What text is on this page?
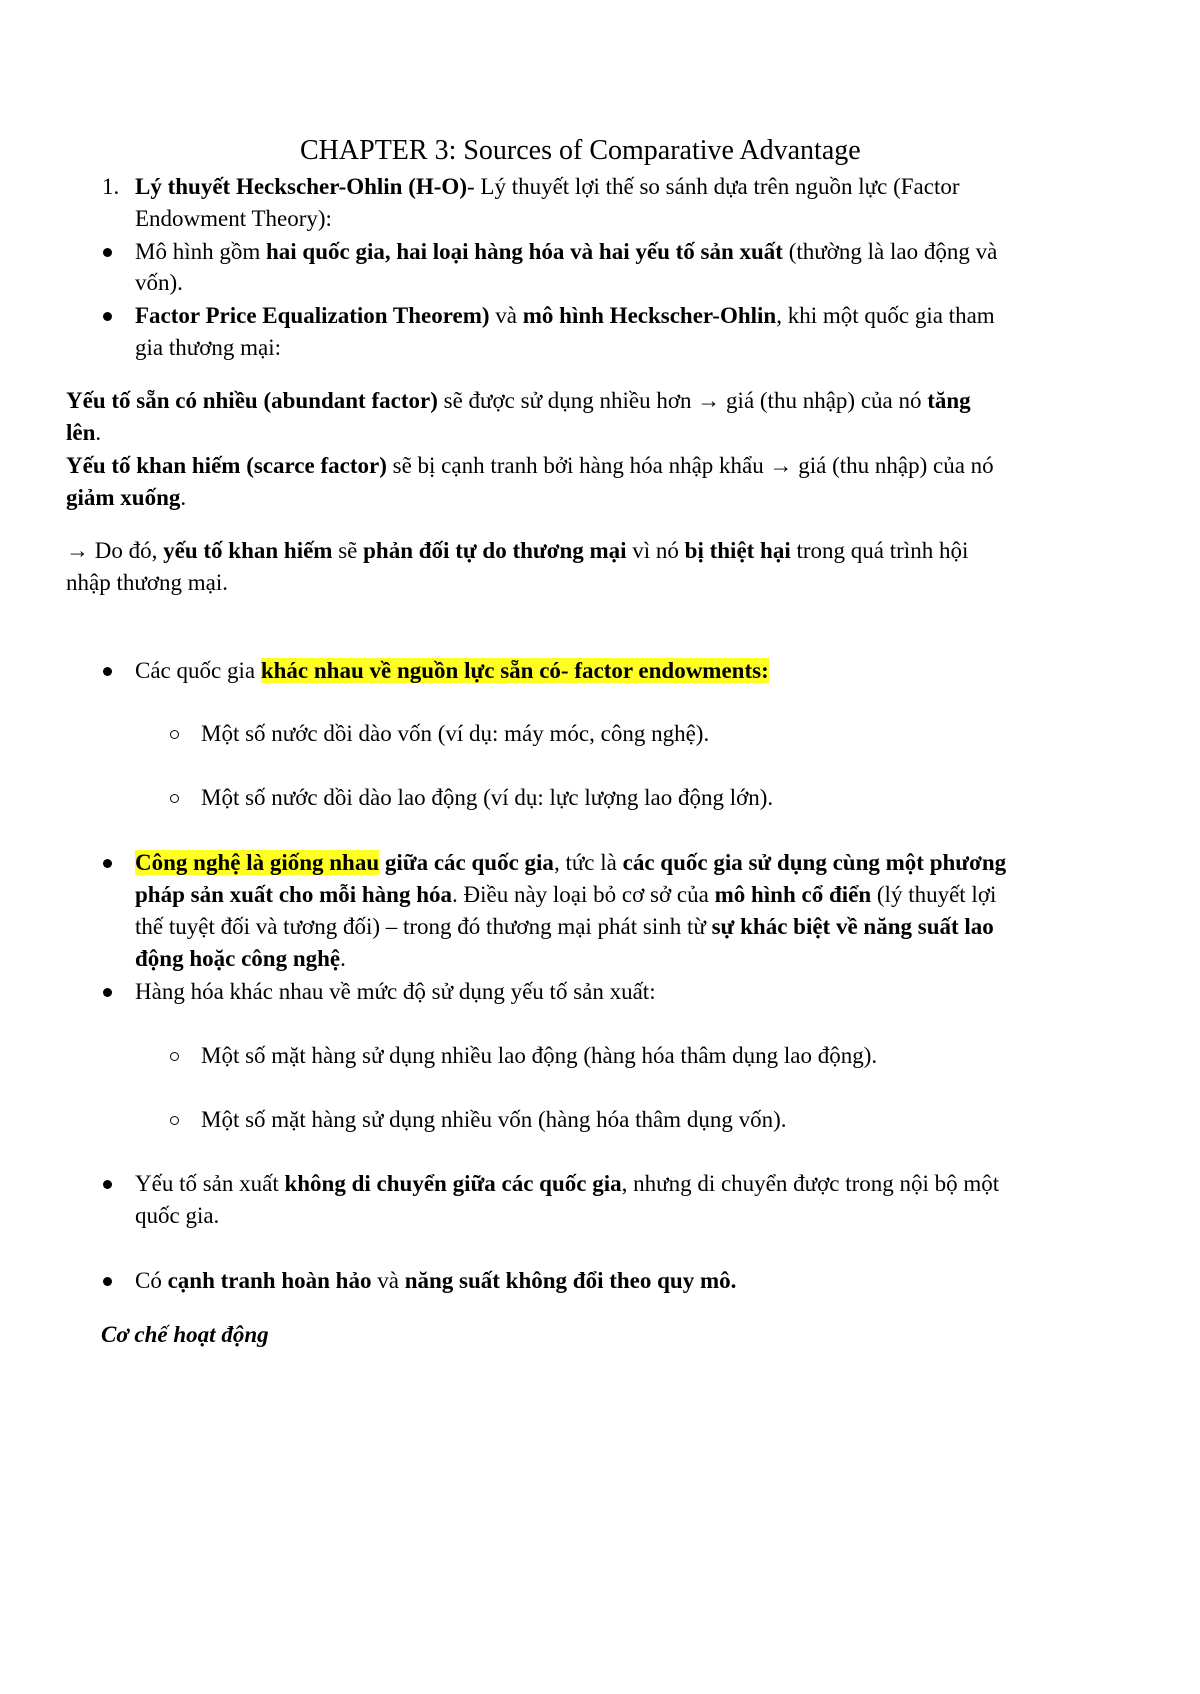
CHAPTER 3: Sources of Comparative Advantage
1. Lý thuyết Heckscher-Ohlin (H-O)- Lý thuyết lợi thế so sánh dựa trên nguồn lực (Factor
Endowment Theory):
Mô hình gồm hai quốc gia, hai loại hàng hóa và hai yếu tố sản xuất (thường là lao động và
vốn).
Factor Price Equalization Theorem) và mô hình Heckscher-Ohlin, khi một quốc gia tham
gia thương mại:
Yếu tố sẵn có nhiều (abundant factor) sẽ được sử dụng nhiều hơn → giá (thu nhập) của nó tăng
lên.
Yếu tố khan hiếm (scarce factor) sẽ bị cạnh tranh bởi hàng hóa nhập khẩu → giá (thu nhập) của nó
giảm xuống.
→ Do đó, yếu tố khan hiếm sẽ phản đối tự do thương mại vì nó bị thiệt hại trong quá trình hội
nhập thương mại.
Các quốc gia khác nhau về nguồn lực sẵn có- factor endowments:
Một số nước dồi dào vốn (ví dụ: máy móc, công nghệ).
Một số nước dồi dào lao động (ví dụ: lực lượng lao động lớn).
Công nghệ là giống nhau giữa các quốc gia, tức là các quốc gia sử dụng cùng một phương
pháp sản xuất cho mỗi hàng hóa. Điều này loại bỏ cơ sở của mô hình cổ điển (lý thuyết lợi
thế tuyệt đối và tương đối) – trong đó thương mại phát sinh từ sự khác biệt về năng suất lao
động hoặc công nghệ.
Hàng hóa khác nhau về mức độ sử dụng yếu tố sản xuất:
Một số mặt hàng sử dụng nhiều lao động (hàng hóa thâm dụng lao động).
Một số mặt hàng sử dụng nhiều vốn (hàng hóa thâm dụng vốn).
Yếu tố sản xuất không di chuyển giữa các quốc gia, nhưng di chuyển được trong nội bộ một
quốc gia.
Có cạnh tranh hoàn hảo và năng suất không đổi theo quy mô.
Cơ chế hoạt động
